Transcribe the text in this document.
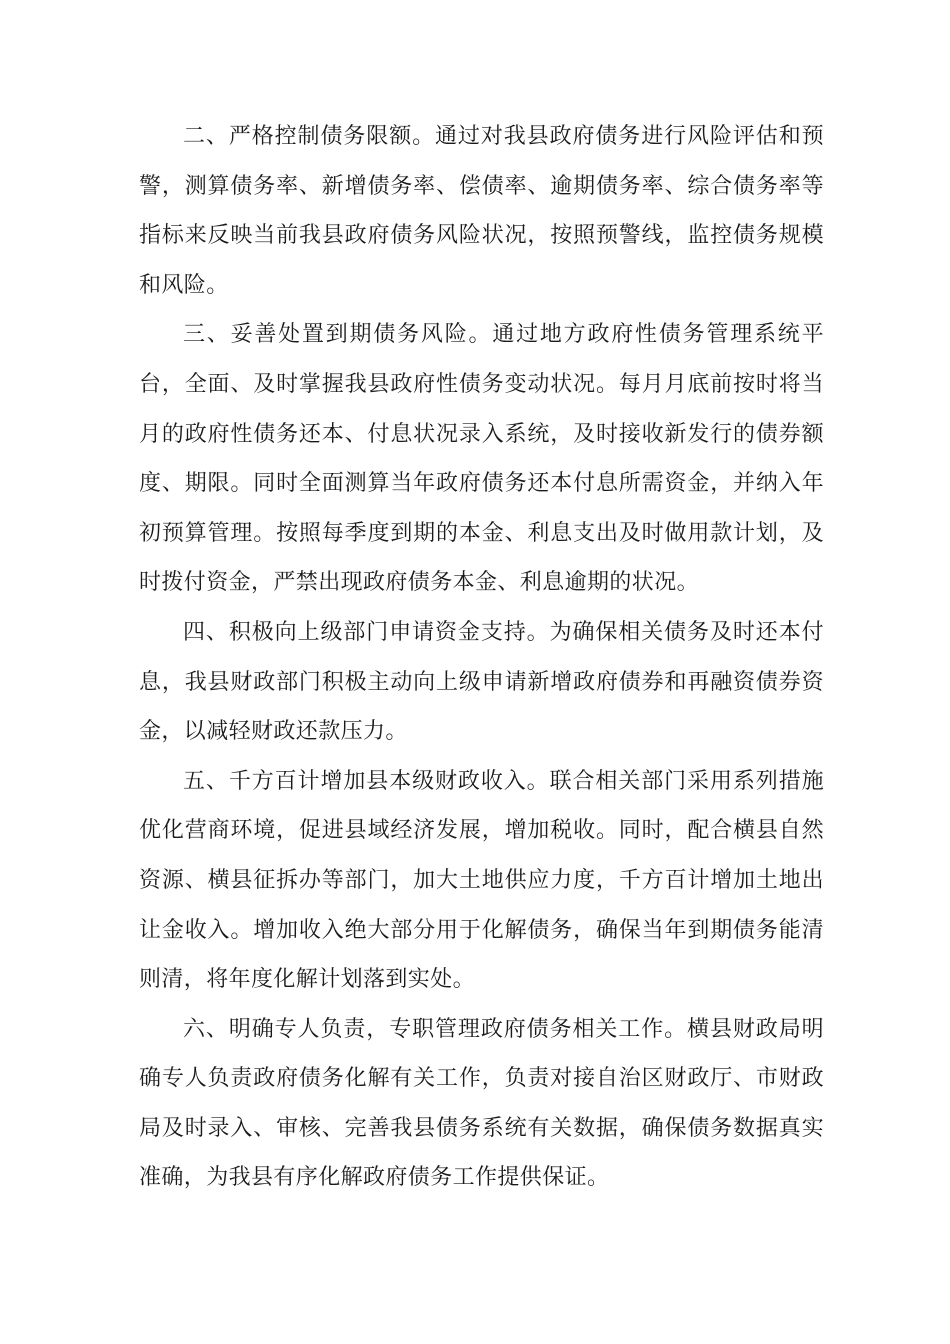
二、严格控制债务限额。通过对我县政府债务进行风险评估和预警，测算债务率、新增债务率、偿债率、逾期债务率、综合债务率等指标来反映当前我县政府债务风险状况，按照预警线，监控债务规模和风险。

三、妥善处置到期债务风险。通过地方政府性债务管理系统平台，全面、及时掌握我县政府性债务变动状况。每月月底前按时将当月的政府性债务还本、付息状况录入系统，及时接收新发行的债券额度、期限。同时全面测算当年政府债务还本付息所需资金，并纳入年初预算管理。按照每季度到期的本金、利息支出及时做用款计划，及时拨付资金，严禁出现政府债务本金、利息逾期的状况。

四、积极向上级部门申请资金支持。为确保相关债务及时还本付息，我县财政部门积极主动向上级申请新增政府债券和再融资债券资金，以减轻财政还款压力。

五、千方百计增加县本级财政收入。联合相关部门采用系列措施优化营商环境，促进县域经济发展，增加税收。同时，配合横县自然资源、横县征拆办等部门，加大土地供应力度，千方百计增加土地出让金收入。增加收入绝大部分用于化解债务，确保当年到期债务能清则清，将年度化解计划落到实处。

六、明确专人负责，专职管理政府债务相关工作。横县财政局明确专人负责政府债务化解有关工作，负责对接自治区财政厅、市财政局及时录入、审核、完善我县债务系统有关数据，确保债务数据真实准确，为我县有序化解政府债务工作提供保证。
